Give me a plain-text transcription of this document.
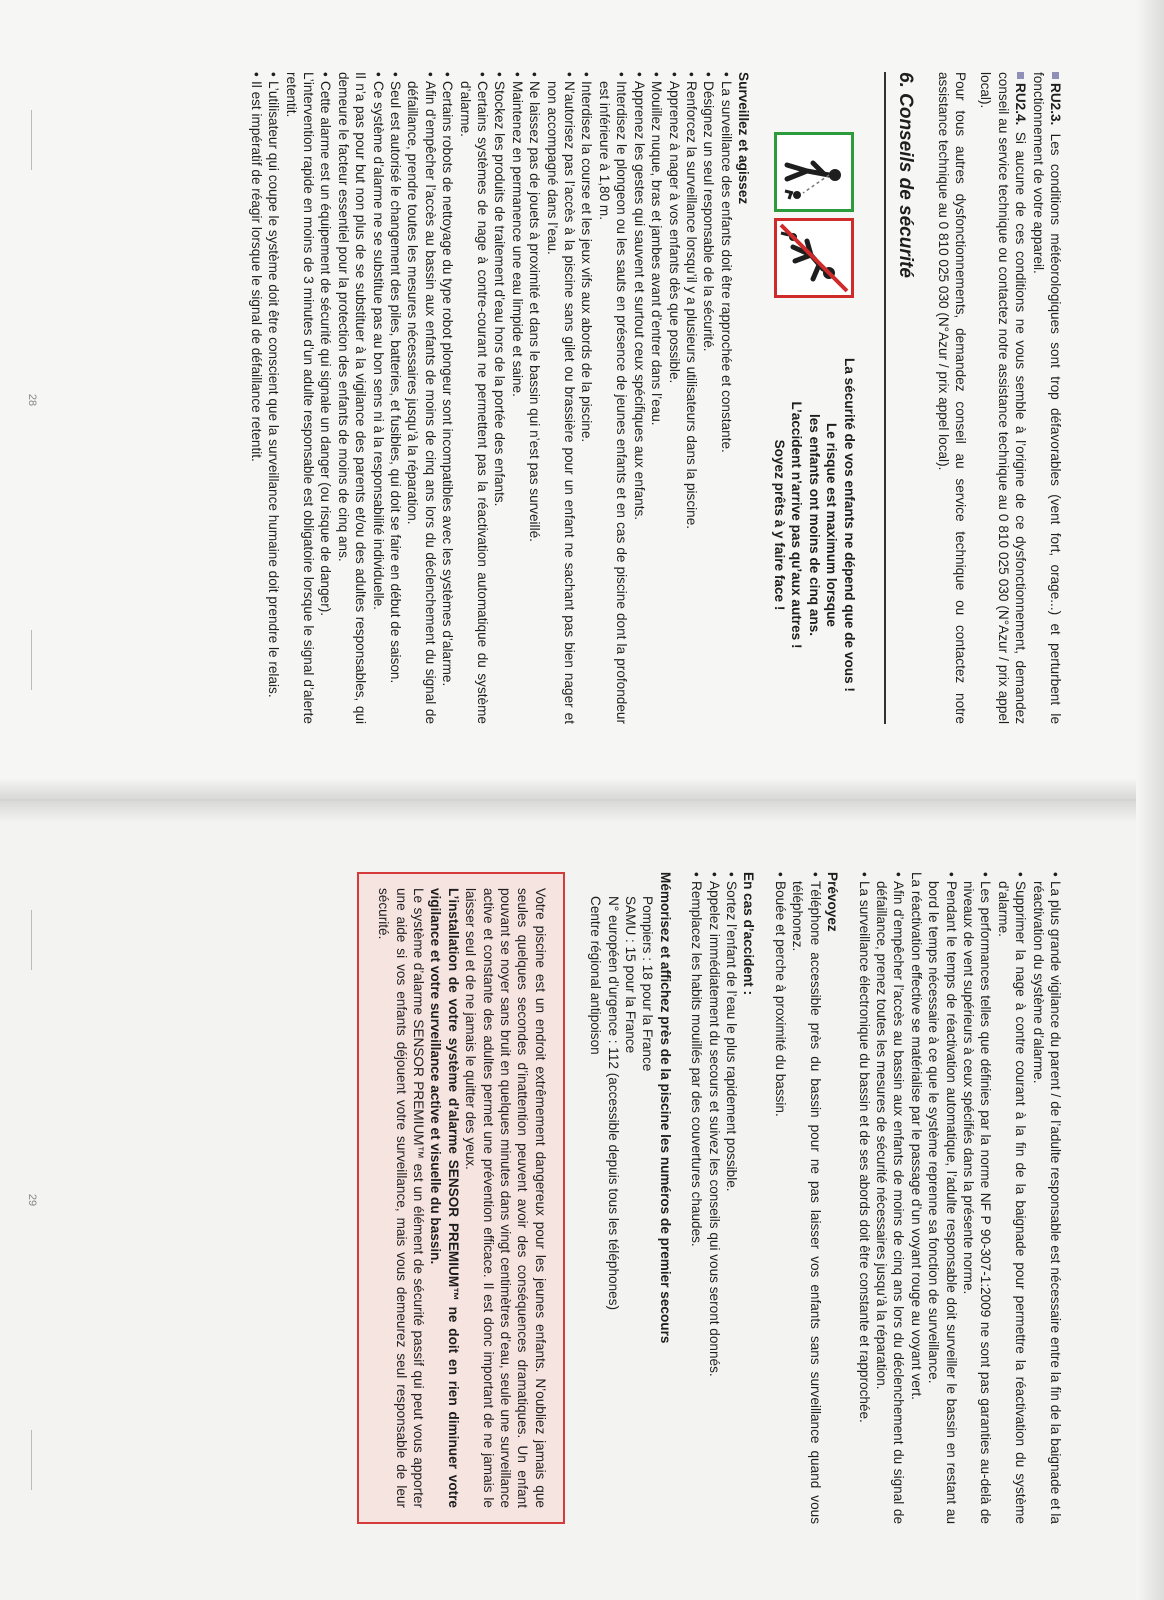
RU2.3. Les conditions météorologiques sont trop défavorables (vent fort, orage...) et perturbent le fonctionnement de votre appareil.

RU2.4. Si aucune de ces conditions ne vous semble à l’origine de ce dysfonctionnement, demandez conseil au service technique ou contactez notre assistance technique au 0 810 025 030 (N°Azur / prix appel local).

Pour tous autres dysfonctionnements, demandez conseil au service technique ou contactez notre assistance technique au 0 810 025 030 (N°Azur / prix appel local).

6. Conseils de sécurité
La sécurité de vos enfants ne dépend que de vous !
Le risque est maximum lorsque
les enfants ont moins de cinq ans.
L’accident n’arrive pas qu’aux autres !
Soyez prêts à y faire face !
Surveillez et agissez
• La surveillance des enfants doit être rapprochée et constante.
• Désignez un seul responsable de la sécurité.
• Renforcez la surveillance lorsqu’il y a plusieurs utilisateurs dans la piscine.
• Apprenez à nager à vos enfants dès que possible.
• Mouillez nuque, bras et jambes avant d’entrer dans l’eau.
• Apprenez les gestes qui sauvent et surtout ceux spécifiques aux enfants.
• Interdisez le plongeon ou les sauts en présence de jeunes enfants et en cas de piscine dont la profondeur est inférieure à 1,80 m.
• Interdisez la course et les jeux vifs aux abords de la piscine.
• N’autorisez pas l’accès à la piscine sans gilet ou brassière pour un enfant ne sachant pas bien nager et non accompagné dans l’eau.
• Ne laissez pas de jouets à proximité et dans le bassin qui n’est pas surveillé.
• Maintenez en permanence une eau limpide et saine.
• Stockez les produits de traitement d’eau hors de la portée des enfants.
• Certains systèmes de nage à contre-courant ne permettent pas la réactivation automatique du système d’alarme.
• Certains robots de nettoyage du type robot plongeur sont incompatibles avec les systèmes d’alarme.
• Afin d’empêcher l’accès au bassin aux enfants de moins de cinq ans lors du déclenchement du signal de défaillance, prendre toutes les mesures nécessaires jusqu’à la réparation.
• Seul est autorisé le changement des piles, batteries, et fusibles, qui doit se faire en début de saison.
• Ce système d’alarme ne se substitue pas au bon sens ni à la responsabilité individuelle.
Il n’a pas pour but non plus de se substituer à la vigilance des parents et/ou des adultes responsables, qui demeure le facteur essentiel pour la protection des enfants de moins de cinq ans.
• Cette alarme est un équipement de sécurité qui signale un danger (ou risque de danger).
L’intervention rapide en moins de 3 minutes d’un adulte responsable est obligatoire lorsque le signal d’alerte retentit.
• L’utilisateur qui coupe le système doit être conscient que la surveillance humaine doit prendre le relais.
• Il est impératif de réagir lorsque le signal de défaillance retentit.
28
• La plus grande vigilance du parent / de l’adulte responsable est nécessaire entre la fin de la baignade et la réactivation du système d’alarme.
• Supprimer la nage à contre courant à la fin de la baignade pour permettre la réactivation du système d’alarme.
• Les performances telles que définies par la norme NF P 90-307-1:2009 ne sont pas garanties au-delà de niveaux de vent supérieurs à ceux spécifiés dans la présente norme.
• Pendant le temps de réactivation automatique, l’adulte responsable doit surveiller le bassin en restant au bord le temps nécessaire à ce que le système reprenne sa fonction de surveillance.
La réactivation effective se matérialise par le passage d’un voyant rouge au voyant vert.
• Afin d’empêcher l’accès au bassin aux enfants de moins de cinq ans lors du déclenchement du signal de défaillance, prenez toutes les mesures de sécurité nécessaires jusqu’à la réparation.
• La surveillance électronique du bassin et de ses abords doit être constante et rapprochée.
Prévoyez
• Téléphone accessible près du bassin pour ne pas laisser vos enfants sans surveillance quand vous téléphonez.
• Bouée et perche à proximité du bassin.
En cas d’accident :
• Sortez l’enfant de l’eau le plus rapidement possible.
• Appelez immédiatement du secours et suivez les conseils qui vous seront donnés.
• Remplacez les habits mouillés par des couvertures chaudes.
Mémorisez et affichez près de la piscine les numéros de premier secours
Pompiers : 18 pour la France
SAMU : 15 pour la France
N° européen d’urgence : 112 (accessible depuis tous les téléphones)
Centre régional antipoison

Votre piscine est un endroit extrêmement dangereux pour les jeunes enfants. N’oubliez jamais que seules quelques secondes d’inattention peuvent avoir des conséquences dramatiques. Un enfant pouvant se noyer sans bruit en quelques minutes dans vingt centimètres d’eau, seule une surveillance active et constante des adultes permet une prévention efficace. Il est donc important de ne jamais le laisser seul et de ne jamais le quitter des yeux.

L’installation de votre système d’alarme SENSOR PREMIUM™ ne doit en rien diminuer votre vigilance et votre surveillance active et visuelle du bassin.

Le système d’alarme SENSOR PREMIUM™ est un élément de sécurité passif qui peut vous apporter une aide si vos enfants déjouent votre surveillance, mais vous demeurez seul responsable de leur sécurité.

29
